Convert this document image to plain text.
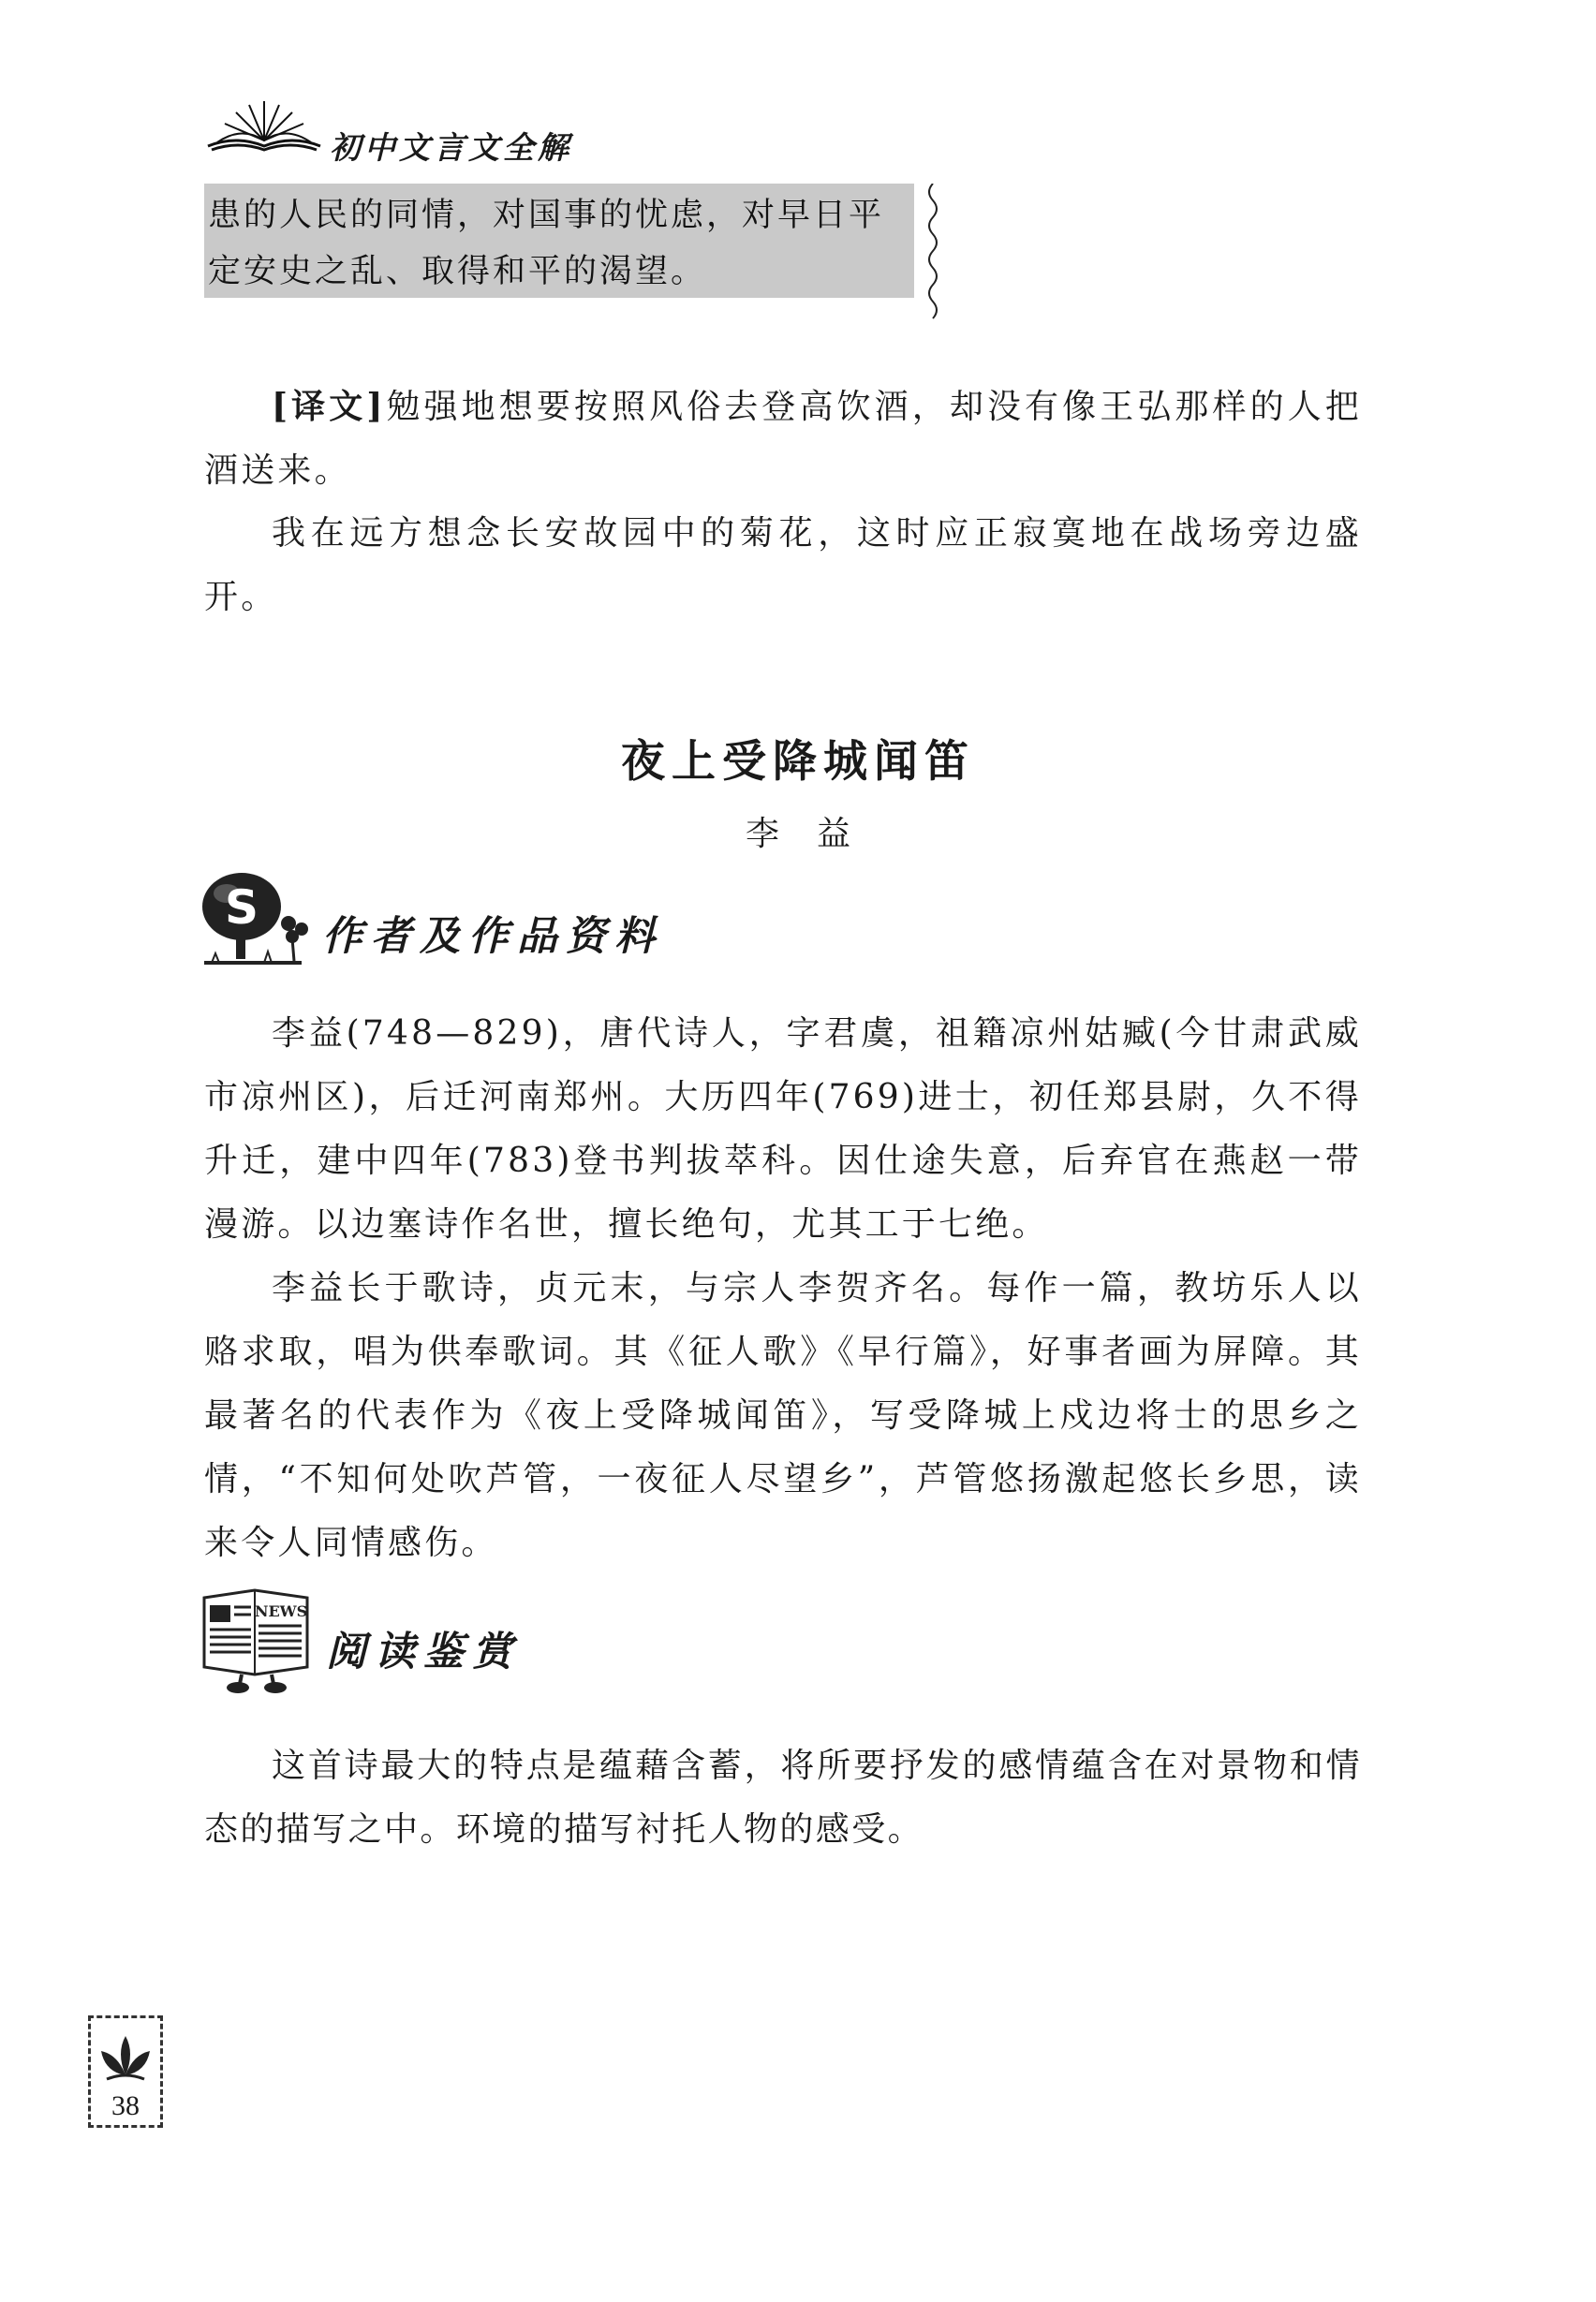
初中文言文全解
患的人民的同情，对国事的忧虑，对早日平
定安史之乱、取得和平的渴望。

[译文]勉强地想要按照风俗去登高饮酒，却没有像王弘那样的人把酒送来。

我在远方想念长安故园中的菊花，这时应正寂寞地在战场旁边盛开。

夜上受降城闻笛
李益
S
作者及作品资料

李益(748—829)，唐代诗人，字君虞，祖籍凉州姑臧(今甘肃武威市凉州区)，后迁河南郑州。大历四年(769)进士，初任郑县尉，久不得升迁，建中四年(783)登书判拔萃科。因仕途失意，后弃官在燕赵一带漫游。以边塞诗作名世，擅长绝句，尤其工于七绝。

李益长于歌诗，贞元末，与宗人李贺齐名。每作一篇，教坊乐人以赂求取，唱为供奉歌词。其《征人歌》《早行篇》，好事者画为屏障。其最著名的代表作为《夜上受降城闻笛》，写受降城上戍边将士的思乡之情，“不知何处吹芦管，一夜征人尽望乡”，芦管悠扬激起悠长乡思，读来令人同情感伤。

NEWS
阅读鉴赏

这首诗最大的特点是蕴藉含蓄，将所要抒发的感情蕴含在对景物和情态的描写之中。环境的描写衬托人物的感受。

38
